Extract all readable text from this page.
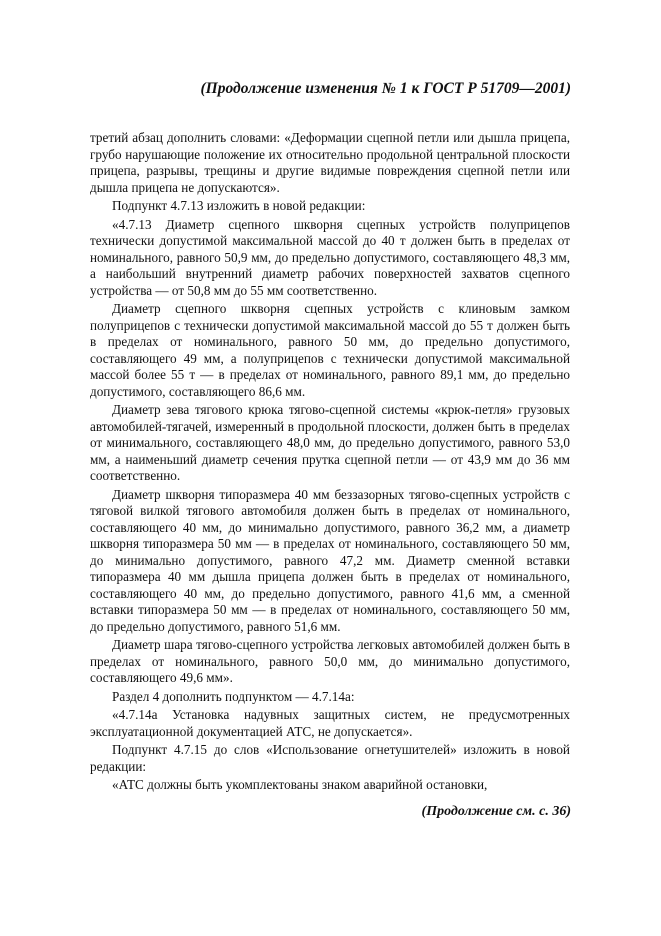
(Продолжение изменения № 1 к ГОСТ Р 51709—2001)

третий абзац дополнить словами: «Деформации сцепной петли или дышла прицепа, грубо нарушающие положение их относительно продольной центральной плоскости прицепа, разрывы, трещины и другие видимые повреждения сцепной петли или дышла прицепа не допускаются».

Подпункт 4.7.13 изложить в новой редакции:

«4.7.13 Диаметр сцепного шкворня сцепных устройств полуприцепов технически допустимой максимальной массой до 40 т должен быть в пределах от номинального, равного 50,9 мм, до предельно допустимого, составляющего 48,3 мм, а наибольший внутренний диаметр рабочих поверхностей захватов сцепного устройства — от 50,8 мм до 55 мм соответственно.

Диаметр сцепного шкворня сцепных устройств с клиновым замком полуприцепов с технически допустимой максимальной массой до 55 т должен быть в пределах от номинального, равного 50 мм, до предельно допустимого, составляющего 49 мм, а полуприцепов с технически допустимой максимальной массой более 55 т — в пределах от номинального, равного 89,1 мм, до предельно допустимого, составляющего 86,6 мм.

Диаметр зева тягового крюка тягово-сцепной системы «крюк-петля» грузовых автомобилей-тягачей, измеренный в продольной плоскости, должен быть в пределах от минимального, составляющего 48,0 мм, до предельно допустимого, равного 53,0 мм, а наименьший диаметр сечения прутка сцепной петли — от 43,9 мм до 36 мм соответственно.

Диаметр шкворня типоразмера 40 мм беззазорных тягово-сцепных устройств с тяговой вилкой тягового автомобиля должен быть в пределах от номинального, составляющего 40 мм, до минимально допустимого, равного 36,2 мм, а диаметр шкворня типоразмера 50 мм — в пределах от номинального, составляющего 50 мм, до минимально допустимого, равного 47,2 мм. Диаметр сменной вставки типоразмера 40 мм дышла прицепа должен быть в пределах от номинального, составляющего 40 мм, до предельно допустимого, равного 41,6 мм, а сменной вставки типоразмера 50 мм — в пределах от номинального, составляющего 50 мм, до предельно допустимого, равного 51,6 мм.

Диаметр шара тягово-сцепного устройства легковых автомобилей должен быть в пределах от номинального, равного 50,0 мм, до минимально допустимого, составляющего 49,6 мм».

Раздел 4 дополнить подпунктом — 4.7.14а:

«4.7.14а Установка надувных защитных систем, не предусмотренных эксплуатационной документацией АТС, не допускается».

Подпункт 4.7.15 до слов «Использование огнетушителей» изложить в новой редакции:

«АТС должны быть укомплектованы знаком аварийной остановки,

(Продолжение см. с. 36)
